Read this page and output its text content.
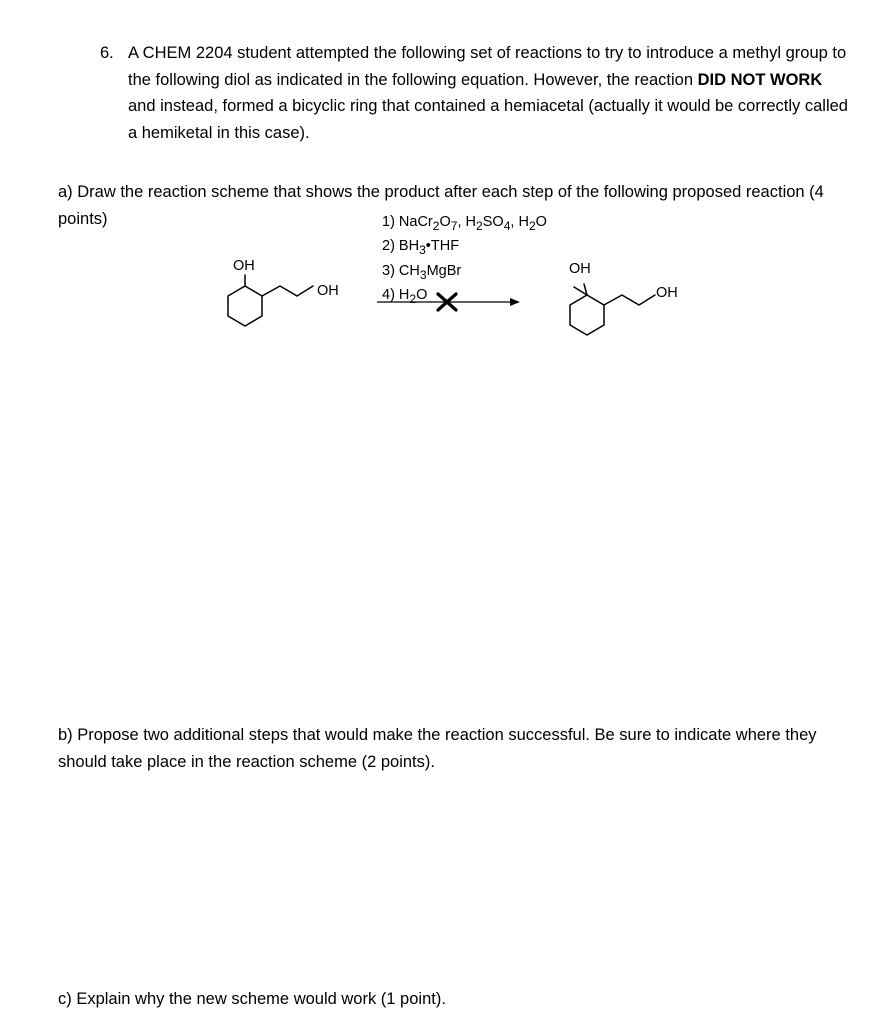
6. A CHEM 2204 student attempted the following set of reactions to try to introduce a methyl group to the following diol as indicated in the following equation. However, the reaction DID NOT WORK and instead, formed a bicyclic ring that contained a hemiacetal (actually it would be correctly called a hemiketal in this case).
a) Draw the reaction scheme that shows the product after each step of the following proposed reaction (4 points)	1) $NaCr_2O_7$, $H_2SO_4$, $H_2O$
2) $BH_3•THF$
3) $CH_3MgBr$
4) $H_2O$
OH
OH
OH
OH
b) Propose two additional steps that would make the reaction successful. Be sure to indicate where they should take place in the reaction scheme (2 points).
c) Explain why the new scheme would work (1 point).
